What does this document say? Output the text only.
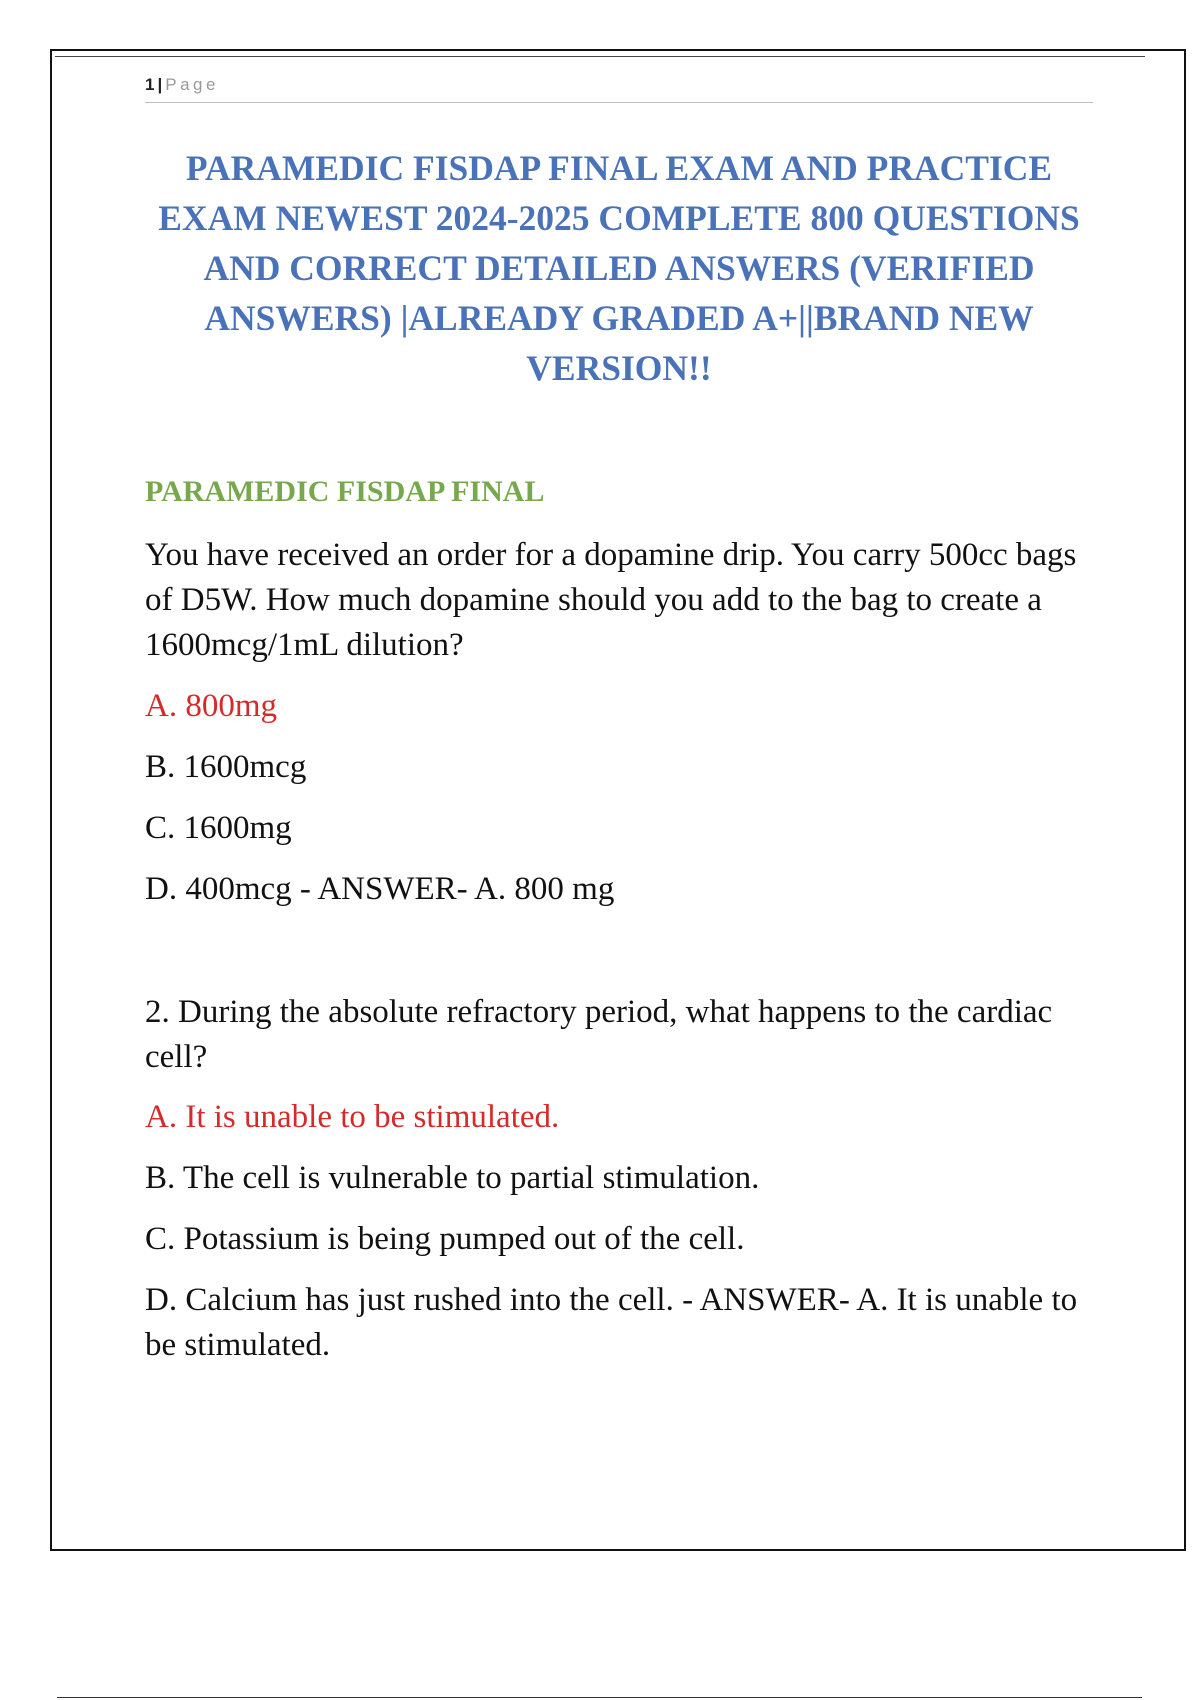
1 | Page
PARAMEDIC FISDAP FINAL EXAM AND PRACTICE EXAM NEWEST 2024-2025 COMPLETE 800 QUESTIONS AND CORRECT DETAILED ANSWERS (VERIFIED ANSWERS) |ALREADY GRADED A+||BRAND NEW VERSION!!
PARAMEDIC FISDAP FINAL

You have received an order for a dopamine drip. You carry 500cc bags of D5W. How much dopamine should you add to the bag to create a 1600mcg/1mL dilution?

A. 800mg

B. 1600mcg

C. 1600mg

D. 400mcg - ANSWER- A. 800 mg

2. During the absolute refractory period, what happens to the cardiac cell?

A. It is unable to be stimulated.

B. The cell is vulnerable to partial stimulation.

C. Potassium is being pumped out of the cell.

D. Calcium has just rushed into the cell. - ANSWER- A. It is unable to be stimulated.
